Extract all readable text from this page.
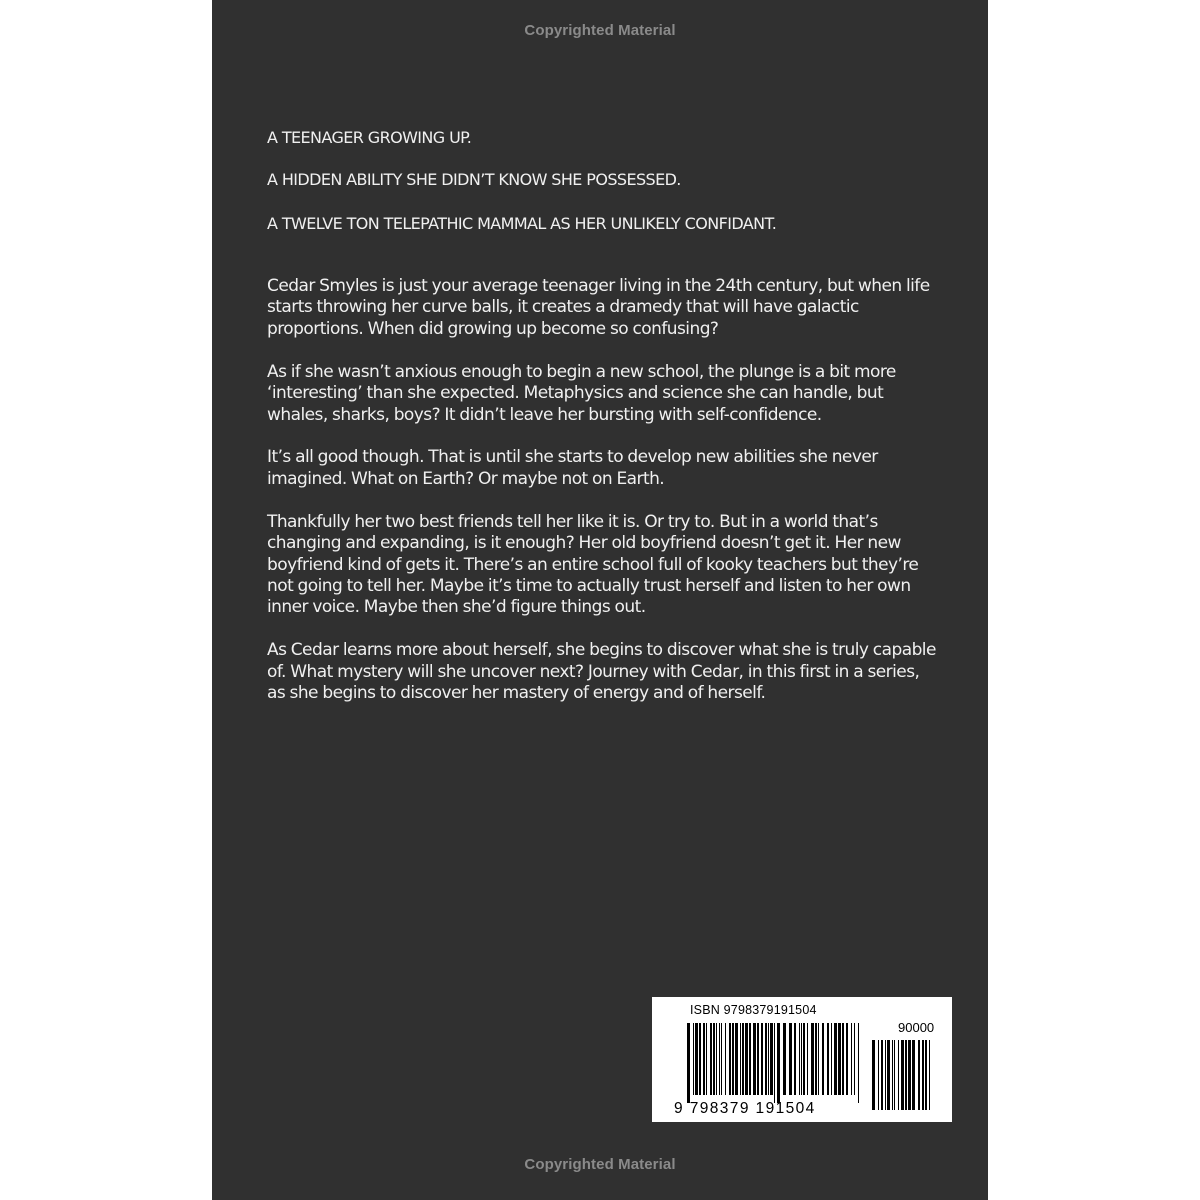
Copyrighted Material

A TEENAGER GROWING UP.

A HIDDEN ABILITY SHE DIDN’T KNOW SHE POSSESSED.

A TWELVE TON TELEPATHIC MAMMAL AS HER UNLIKELY CONFIDANT.

Cedar Smyles is just your average teenager living in the 24th century, but when life starts throwing her curve balls, it creates a dramedy that will have galactic proportions. When did growing up become so confusing?

As if she wasn’t anxious enough to begin a new school, the plunge is a bit more ‘interesting’ than she expected. Metaphysics and science she can handle, but whales, sharks, boys? It didn’t leave her bursting with self-confidence.

It’s all good though. That is until she starts to develop new abilities she never imagined. What on Earth? Or maybe not on Earth.

Thankfully her two best friends tell her like it is. Or try to. But in a world that’s changing and expanding, is it enough? Her old boyfriend doesn’t get it. Her new boyfriend kind of gets it. There’s an entire school full of kooky teachers but they’re not going to tell her. Maybe it’s time to actually trust herself and listen to her own inner voice. Maybe then she’d figure things out.

As Cedar learns more about herself, she begins to discover what she is truly capable of. What mystery will she uncover next? Journey with Cedar, in this first in a series, as she begins to discover her mastery of energy and of herself.

ISBN 9798379191504
90000
9 798379 191504
Copyrighted Material
